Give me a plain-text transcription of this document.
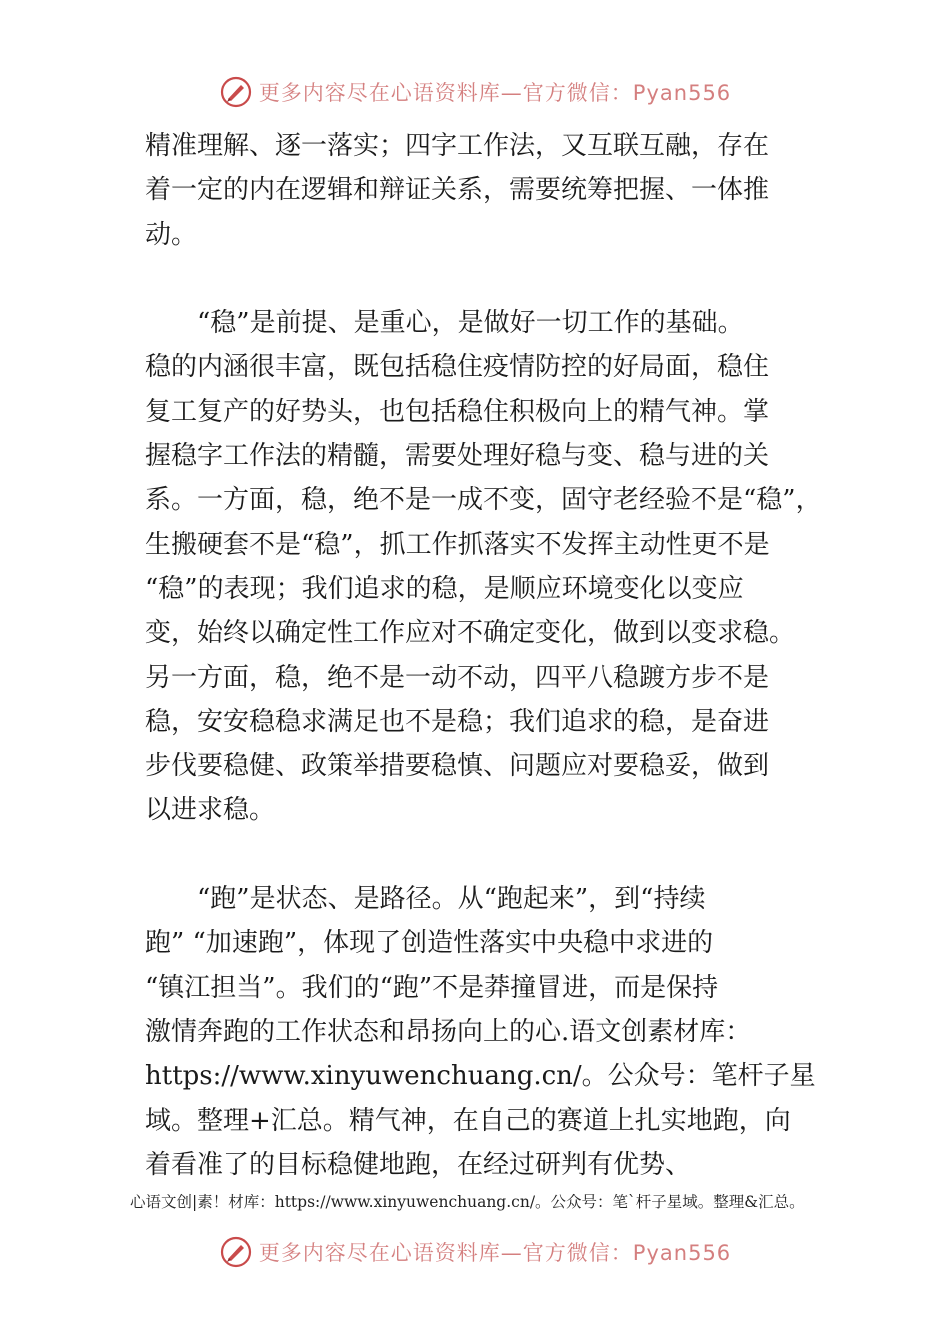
更多内容尽在心语资料库—官方微信：Pyan556
精准理解、逐一落实；四字工作法，又互联互融，存在
着一定的内在逻辑和辩证关系，需要统筹把握、一体推
动。
　　“稳”是前提、是重心，是做好一切工作的基础。
稳的内涵很丰富，既包括稳住疫情防控的好局面，稳住
复工复产的好势头，也包括稳住积极向上的精气神。掌
握稳字工作法的精髓，需要处理好稳与变、稳与进的关
系。一方面，稳，绝不是一成不变，固守老经验不是“稳”，
生搬硬套不是“稳”，抓工作抓落实不发挥主动性更不是
“稳”的表现；我们追求的稳，是顺应环境变化以变应
变，始终以确定性工作应对不确定变化，做到以变求稳。
另一方面，稳，绝不是一动不动，四平八稳踱方步不是
稳，安安稳稳求满足也不是稳；我们追求的稳，是奋进
步伐要稳健、政策举措要稳慎、问题应对要稳妥，做到
以进求稳。
　　“跑”是状态、是路径。从“跑起来”，到“持续
跑” “加速跑”，体现了创造性落实中央稳中求进的
“镇江担当”。我们的“跑”不是莽撞冒进，而是保持
激情奔跑的工作状态和昂扬向上的心.语文创素材库：
https://www.xinyuwenchuang.cn/。公众号：笔杆子星
域。整理+汇总。精气神，在自己的赛道上扎实地跑，向
着看准了的目标稳健地跑，在经过研判有优势、
心语文创|素！材库：https://www.xinyuwenchuang.cn/。公众号：笔`杆子星域。整理&汇总。
更多内容尽在心语资料库—官方微信：Pyan556
